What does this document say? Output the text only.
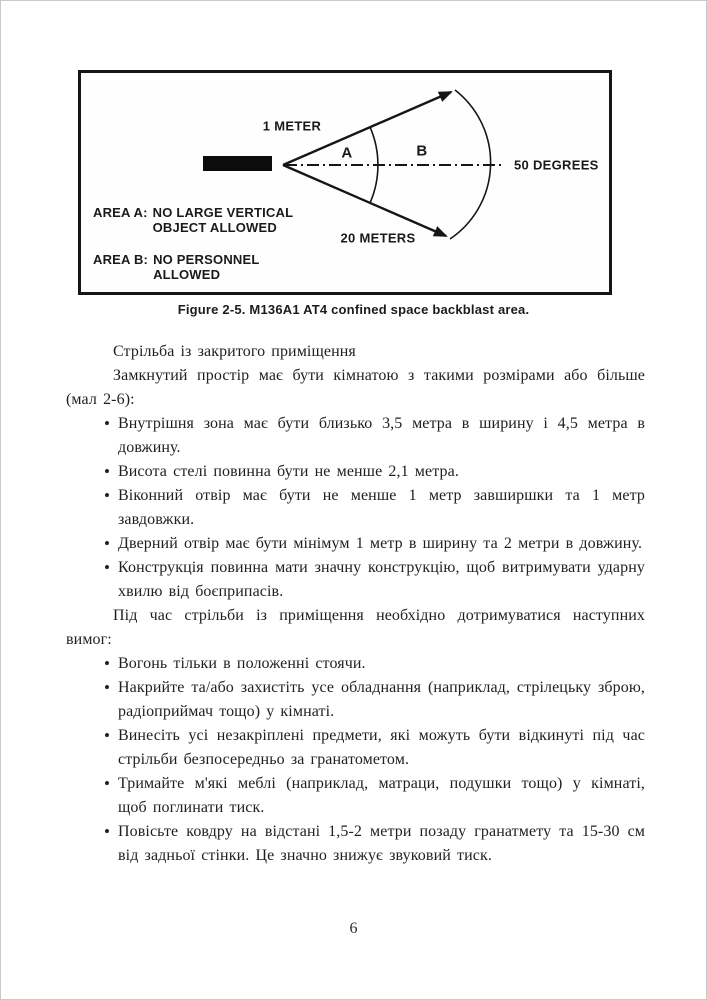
1 METER
A	B
50 DEGREES
20 METERS
AREA A: NO LARGE VERTICAL OBJECT ALLOWED
AREA B: NO PERSONNEL ALLOWED
Figure 2-5. M136A1 AT4 confined space backblast area.

Стрільба із закритого приміщення

Замкнутий простір має бути кімнатою з такими розмірами або більше (мал 2-6):

• Внутрішня зона має бути близько 3,5 метра в ширину і 4,5 метра в довжину.
• Висота стелі повинна бути не менше 2,1 метра.
• Віконний отвір має бути не менше 1 метр завширшки та 1 метр завдовжки.
• Дверний отвір має бути мінімум 1 метр в ширину та 2 метри в довжину.
• Конструкція повинна мати значну конструкцію, щоб витримувати ударну хвилю від боєприпасів.

Під час стрільби із приміщення необхідно дотримуватися наступних вимог:

• Вогонь тільки в положенні стоячи.
• Накрийте та/або захистіть усе обладнання (наприклад, стрілецьку зброю, радіоприймач тощо) у кімнаті.
• Винесіть усі незакріплені предмети, які можуть бути відкинуті під час стрільби безпосередньо за гранатометом.
• Тримайте м'які меблі (наприклад, матраци, подушки тощо) у кімнаті, щоб поглинати тиск.
• Повісьте ковдру на відстані 1,5-2 метри позаду гранатмету та 15-30 см від задньої стінки. Це значно знижує звуковий тиск.
6
